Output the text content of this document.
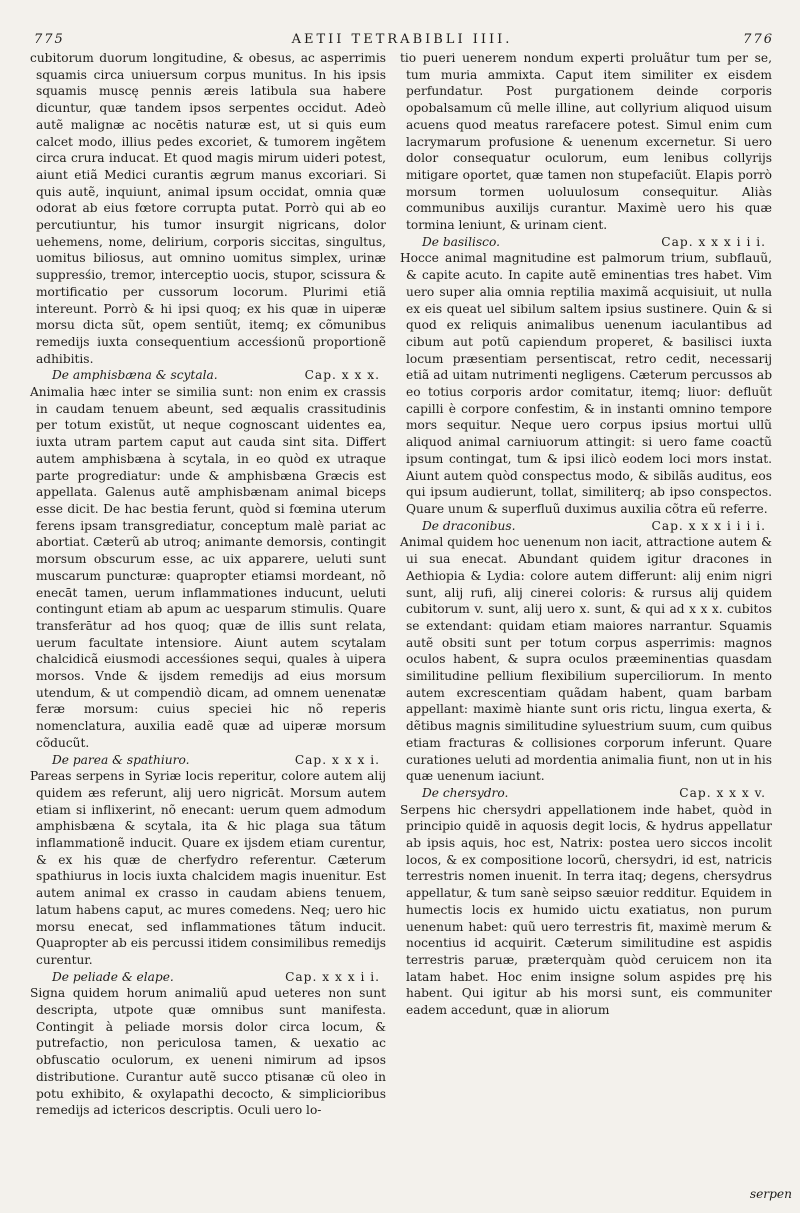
775	AETII TETRABIBLI IIII.	776
cubitorum duorum longitudine, & obesus, ac asperrimis squamis circa uniuersum corpus munitus. In his ipsis squamis muscę pennis æreis latibula sua habere dicuntur, quæ tandem ipsos serpentes occidut. Adeò autẽ malignæ ac nocētis naturæ est, ut si quis eum calcet modo, illius pedes excoriet, & tumorem ingẽtem circa crura inducat. Et quod magis mirum uideri potest, aiunt etiã Medici curantis ægrum manus excoriari. Si quis autẽ, inquiunt, animal ipsum occidat, omnia quæ odorat ab eius fœtore corrupta putat. Porrò qui ab eo percutiuntur, his tumor insurgit nigricans, dolor uehemens, nome, delirium, corporis siccitas, singultus, uomitus biliosus, aut omnino uomitus simplex, urinæ suppresśio, tremor, interceptio uocis, stupor, scissura & mortificatio per cussorum locorum. Plurimi etiã intereunt. Porrò & hi ipsi quoq; ex his quæ in uiperæ morsu dicta sũt, opem sentiũt, itemq; ex cõmunibus remedijs iuxta consequentium accesśionũ proportionẽ adhibitis.
De amphisbæna & scytala.	Cap. x x x.
Animalia hæc inter se similia sunt: non enim ex crassis in caudam tenuem abeunt, sed æqualis crassitudinis per totum existũt, ut neque cognoscant uidentes ea, iuxta utram partem caput aut cauda sint sita. Differt autem amphisbæna à scytala, in eo quòd ex utraque parte progrediatur: unde & amphisbæna Græcis est appellata. Galenus autẽ amphisbænam animal biceps esse dicit. De hac bestia ferunt, quòd si fœmina uterum ferens ipsam transgrediatur, conceptum malè pariat ac abortiat. Cæterũ ab utroq; animante demorsis, contingit morsum obscurum esse, ac uix apparere, ueluti sunt muscarum puncturæ: quapropter etiamsi mordeant, nõ enecāt tamen, uerum inflammationes inducunt, ueluti contingunt etiam ab apum ac uesparum stimulis. Quare transferātur ad hos quoq; quæ de illis sunt relata, uerum facultate intensiore. Aiunt autem scytalam chalcidicã eiusmodi accesśiones sequi, quales à uipera morsos. Vnde & ijsdem remedijs ad eius morsum utendum, & ut compendiò dicam, ad omnem uenenatæ feræ morsum: cuius speciei hic nõ reperis nomenclatura, auxilia eadẽ quæ ad uiperæ morsum cõducũt.
De parea & spathiuro.	Cap. x x x i.
Pareas serpens in Syriæ locis reperitur, colore autem alij quidem æs referunt, alij uero nigricāt. Morsum autem etiam si inflixerint, nõ enecant: uerum quem admodum amphisbæna & scytala, ita & hic plaga sua tãtum inflammationẽ inducit. Quare ex ijsdem etiam curentur, & ex his quæ de cherfydro referentur. Cæterum spathiurus in locis iuxta chalcidem magis inuenitur. Est autem animal ex crasso in caudam abiens tenuem, latum habens caput, ac mures comedens. Neq; uero hic morsu enecat, sed inflammationes tãtum inducit. Quapropter ab eis percussi itidem consimilibus remedijs curentur.
De peliade & elape.	Cap. x x x i i.
Signa quidem horum animaliũ apud ueteres non sunt descripta, utpote quæ omnibus sunt manifesta. Contingit à peliade morsis dolor circa locum, & putrefactio, non periculosa tamen, & uexatio ac obfuscatio oculorum, ex ueneni nimirum ad ipsos distributione. Curantur autẽ succo ptisanæ cũ oleo in potu exhibito, & oxylapathi decocto, & simplicioribus remedijs ad ictericos descriptis. Oculi uero lo-
tio pueri uenerem nondum experti proluãtur tum per se, tum muria ammixta. Caput item similiter ex eisdem perfundatur. Post purgationem deinde corporis opobalsamum cũ melle illine, aut collyrium aliquod uisum acuens quod meatus rarefacere potest. Simul enim cum lacrymarum profusione & uenenum excernetur. Si uero dolor consequatur oculorum, eum lenibus collyrijs mitigare oportet, quæ tamen non stupefaciũt. Elapis porrò morsum tormen uoluulosum consequitur. Aliàs communibus auxilijs curantur. Maximè uero his quæ tormina leniunt, & urinam cient.
De basilisco.	Cap. x x x i i i.
Hocce animal magnitudine est palmorum trium, subflauũ, & capite acuto. In capite autẽ eminentias tres habet. Vim uero super alia omnia reptilia maximã acquisiuit, ut nulla ex eis queat uel sibilum saltem ipsius sustinere. Quin & si quod ex reliquis animalibus uenenum iaculantibus ad cibum aut potũ capiendum properet, & basilisci iuxta locum præsentiam persentiscat, retro cedit, necessarij etiã ad uitam nutrimenti negligens. Cæterum percussos ab eo totius corporis ardor comitatur, itemq; liuor: defluũt capilli è corpore confestim, & in instanti omnino tempore mors sequitur. Neque uero corpus ipsius mortui ullũ aliquod animal carniuorum attingit: si uero fame coactũ ipsum contingat, tum & ipsi ilicò eodem loci mors instat. Aiunt autem quòd conspectus modo, & sibilãs auditus, eos qui ipsum audierunt, tollat, similiterq; ab ipso conspectos. Quare unum & superfluũ duximus auxilia cõtra eũ referre.
De draconibus.	Cap. x x x i i i i.
Animal quidem hoc uenenum non iacit, attractione autem & ui sua enecat. Abundant quidem igitur dracones in Aethiopia & Lydia: colore autem differunt: alij enim nigri sunt, alij rufi, alij cinerei coloris: & rursus alij quidem cubitorum v. sunt, alij uero x. sunt, & qui ad x x x. cubitos se extendant: quidam etiam maiores narrantur. Squamis autẽ obsiti sunt per totum corpus asperrimis: magnos oculos habent, & supra oculos præeminentias quasdam similitudine pellium flexibilium superciliorum. In mento autem excrescentiam quãdam habent, quam barbam appellant: maximè hiante sunt oris rictu, lingua exerta, & dẽtibus magnis similitudine syluestrium suum, cum quibus etiam fracturas & collisiones corporum inferunt. Quare curationes ueluti ad mordentia animalia fiunt, non ut in his quæ uenenum iaciunt.
De chersydro.	Cap. x x x v.
Serpens hic chersydri appellationem inde habet, quòd in principio quidẽ in aquosis degit locis, & hydrus appellatur ab ipsis aquis, hoc est, Natrix: postea uero siccos incolit locos, & ex compositione locorũ, chersydri, id est, natricis terrestris nomen inuenit. In terra itaq; degens, chersydrus appellatur, & tum sanè seipso sæuior redditur. Equidem in humectis locis ex humido uictu exatiatus, non purum uenenum habet: quũ uero terrestris fit, maximè merum & nocentius id acquirit. Cæterum similitudine est aspidis terrestris paruæ, præterquàm quòd ceruicem non ita latam habet. Hoc enim insigne solum aspides prę his habent. Qui igitur ab his morsi sunt, eis communiter eadem accedunt, quæ in aliorum
serpen
